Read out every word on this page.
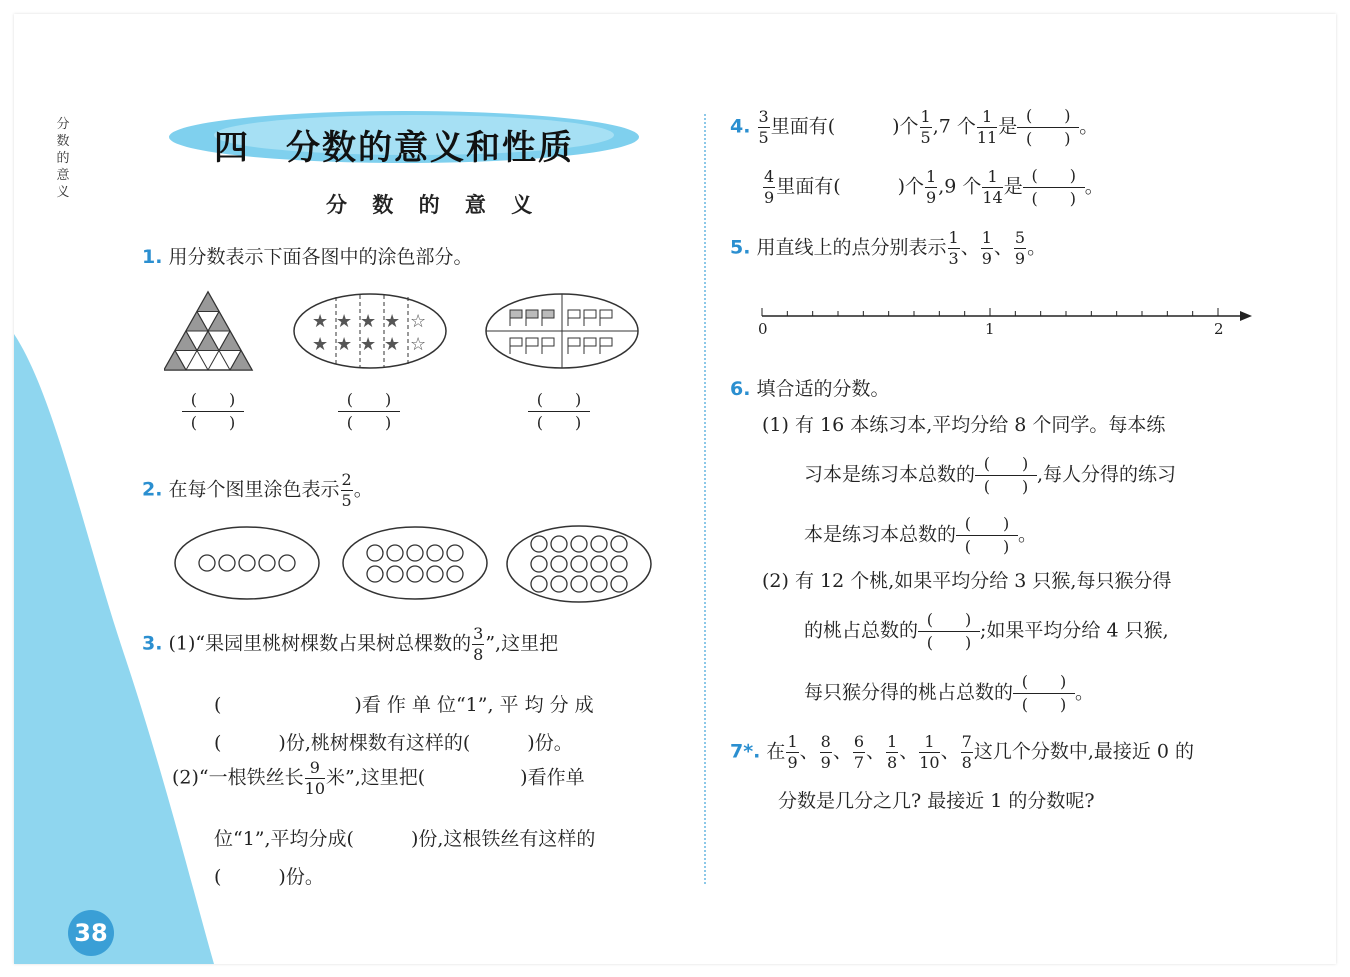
分
数
的
意
义
38
四　分数的意义和性质
分 数 的 意 义
1. 用分数表示下面各图中的涂色部分。
★ ★ ★ ★
★ ★ ★ ★
☆
☆
(   )
(   )
(   )
(   )
(   )
(   )
2. 在每个图里涂色表示 $\frac{2}{5}$ 。
3. (1)“果园里桃树棵数占果树总棵数的 $\frac{3}{8}$ ”,这里把
(　　　　　　　)看 作 单 位“1”, 平 均 分 成
(　　　)份,桃树棵数有这样的(　　　)份。
(2)“一根铁丝长 $\frac{9}{10}$ 米”,这里把(　　　　　)看作单
位“1”,平均分成(　　　)份,这根铁丝有这样的
(　　　)份。
4. $\frac{3}{5}$ 里面有(　　　)个 $\frac{1}{5} ,7$ 个 $\frac{1}{11}$ 是 (   )
(   )
。
$\frac{4}{9}$ 里面有(　　　)个 $\frac{1}{9} ,9$ 个 $\frac{1}{14}$ 是 (   )
(   )
。
5. 用直线上的点分别表示 $\frac{1}{3}$ 、 $\frac{1}{9}$ 、 $\frac{5}{9}$ 。
0	1	2
6. 填合适的分数。
(1) 有 16 本练习本,平均分给 8 个同学。每本练
习本是练习本总数的 (   )
(   )
,每人分得的练习
本是练习本总数的 (   )
(   )
。
(2) 有 12 个桃,如果平均分给 3 只猴,每只猴分得
的桃占总数的 (   )
(   )
;如果平均分给 4 只猴,
每只猴分得的桃占总数的 (   )
(   )
。
7*. 在 $\frac{1}{9}$ 、 $\frac{8}{9}$ 、 $\frac{6}{7}$ 、 $\frac{1}{8}$ 、 $\frac{1}{10}$ 、 $\frac{7}{8}$ 这几个分数中,最接近 0 的
分数是几分之几? 最接近 1 的分数呢?
